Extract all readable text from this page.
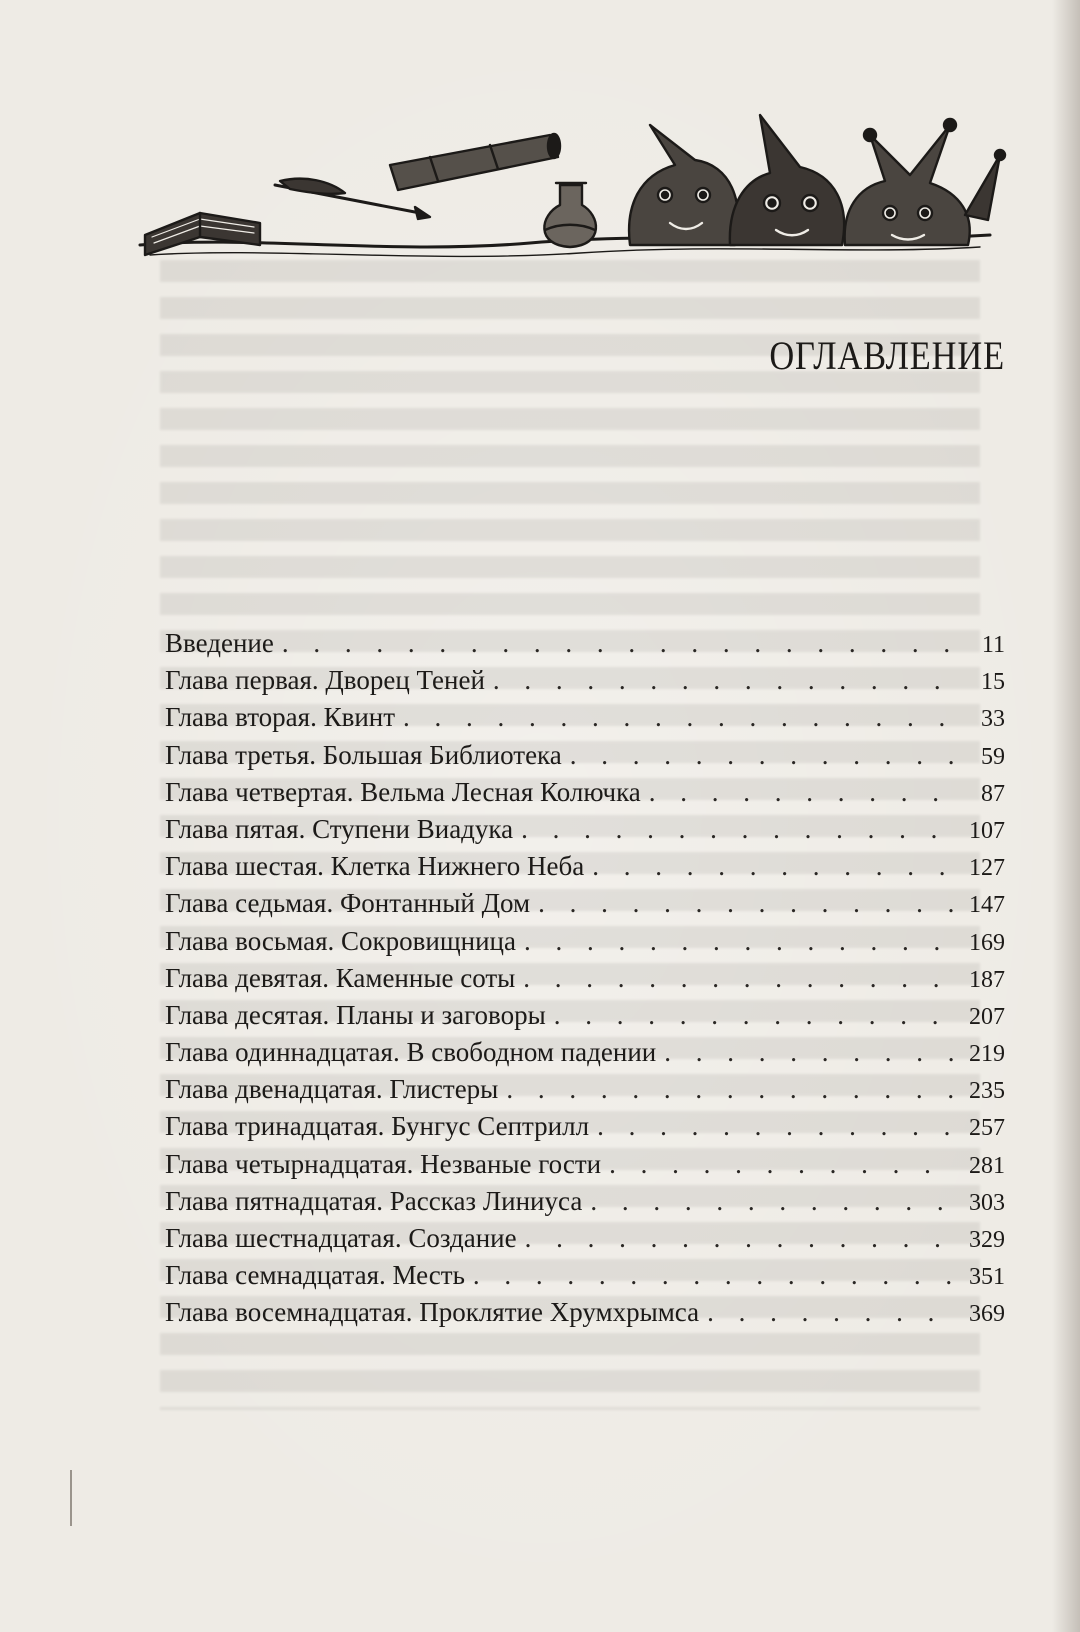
ОГЛАВЛЕНИЕ
Введение . . .	11
Глава первая. Дворец Теней . . .	15
Глава вторая. Квинт . . .	33
Глава третья. Большая Библиотека . . .	59
Глава четвертая. Вельма Лесная Колючка . . .	87
Глава пятая. Ступени Виадука . . .	107
Глава шестая. Клетка Нижнего Неба . . .	127
Глава седьмая. Фонтанный Дом . . .	147
Глава восьмая. Сокровищница . . .	169
Глава девятая. Каменные соты . . .	187
Глава десятая. Планы и заговоры . . .	207
Глава одиннадцатая. В свободном падении . . .	219
Глава двенадцатая. Глистеры . . .	235
Глава тринадцатая. Бунгус Септрилл . . .	257
Глава четырнадцатая. Незваные гости . . .	281
Глава пятнадцатая. Рассказ Линиуса . . .	303
Глава шестнадцатая. Создание . . .	329
Глава семнадцатая. Месть . . .	351
Глава восемнадцатая. Проклятие Хрумхрымса . . .	369
